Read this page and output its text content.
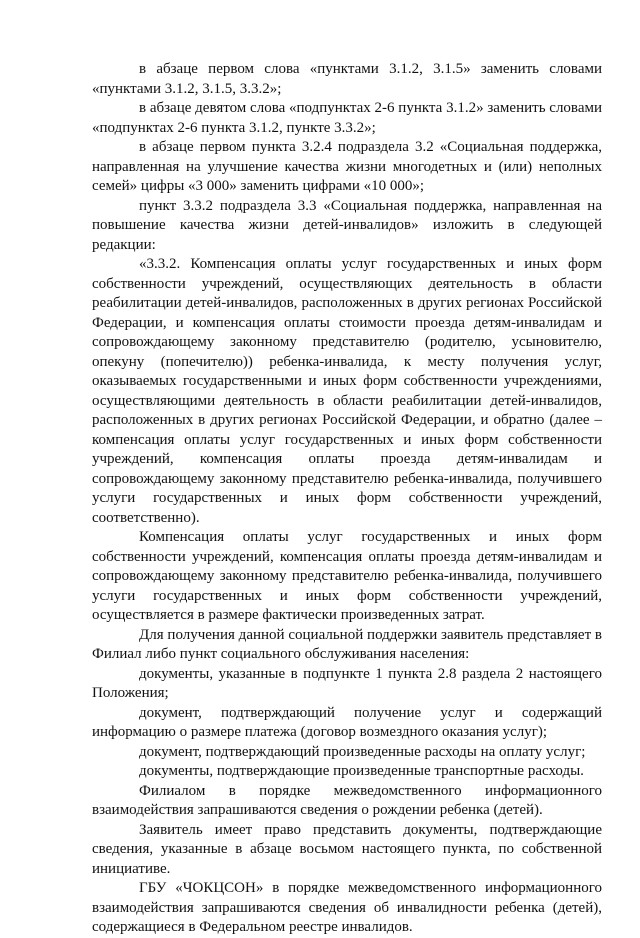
в абзаце первом слова «пунктами 3.1.2, 3.1.5» заменить словами «пунктами 3.1.2, 3.1.5, 3.3.2»;

в абзаце девятом слова «подпунктах 2-6 пункта 3.1.2» заменить словами «подпунктах 2-6 пункта 3.1.2, пункте 3.3.2»;

в абзаце первом пункта 3.2.4 подраздела 3.2 «Социальная поддержка, направленная на улучшение качества жизни многодетных и (или) неполных семей» цифры «3 000» заменить цифрами «10 000»;

пункт 3.3.2 подраздела 3.3 «Социальная поддержка, направленная на повышение качества жизни детей-инвалидов» изложить в следующей редакции:

«3.3.2. Компенсация оплаты услуг государственных и иных форм собственности учреждений, осуществляющих деятельность в области реабилитации детей-инвалидов, расположенных в других регионах Российской Федерации, и компенсация оплаты стоимости проезда детям-инвалидам и сопровождающему законному представителю (родителю, усыновителю, опекуну (попечителю)) ребенка-инвалида, к месту получения услуг, оказываемых государственными и иных форм собственности учреждениями, осуществляющими деятельность в области реабилитации детей-инвалидов, расположенных в других регионах Российской Федерации, и обратно (далее – компенсация оплаты услуг государственных и иных форм собственности учреждений, компенсация оплаты проезда детям-инвалидам и сопровождающему законному представителю ребенка-инвалида, получившего услуги государственных и иных форм собственности учреждений, соответственно).

Компенсация оплаты услуг государственных и иных форм собственности учреждений, компенсация оплаты проезда детям-инвалидам и сопровождающему законному представителю ребенка-инвалида, получившего услуги государственных и иных форм собственности учреждений, осуществляется в размере фактически произведенных затрат.

Для получения данной социальной поддержки заявитель представляет в Филиал либо пункт социального обслуживания населения:

документы, указанные в подпункте 1 пункта 2.8 раздела 2 настоящего Положения;

документ, подтверждающий получение услуг и содержащий информацию о размере платежа (договор возмездного оказания услуг);

документ, подтверждающий произведенные расходы на оплату услуг;

документы, подтверждающие произведенные транспортные расходы.

Филиалом в порядке межведомственного информационного взаимодействия запрашиваются сведения о рождении ребенка (детей).

Заявитель имеет право представить документы, подтверждающие сведения, указанные в абзаце восьмом настоящего пункта, по собственной инициативе.

ГБУ «ЧОКЦСОН» в порядке межведомственного информационного взаимодействия запрашиваются сведения об инвалидности ребенка (детей), содержащиеся в Федеральном реестре инвалидов.
